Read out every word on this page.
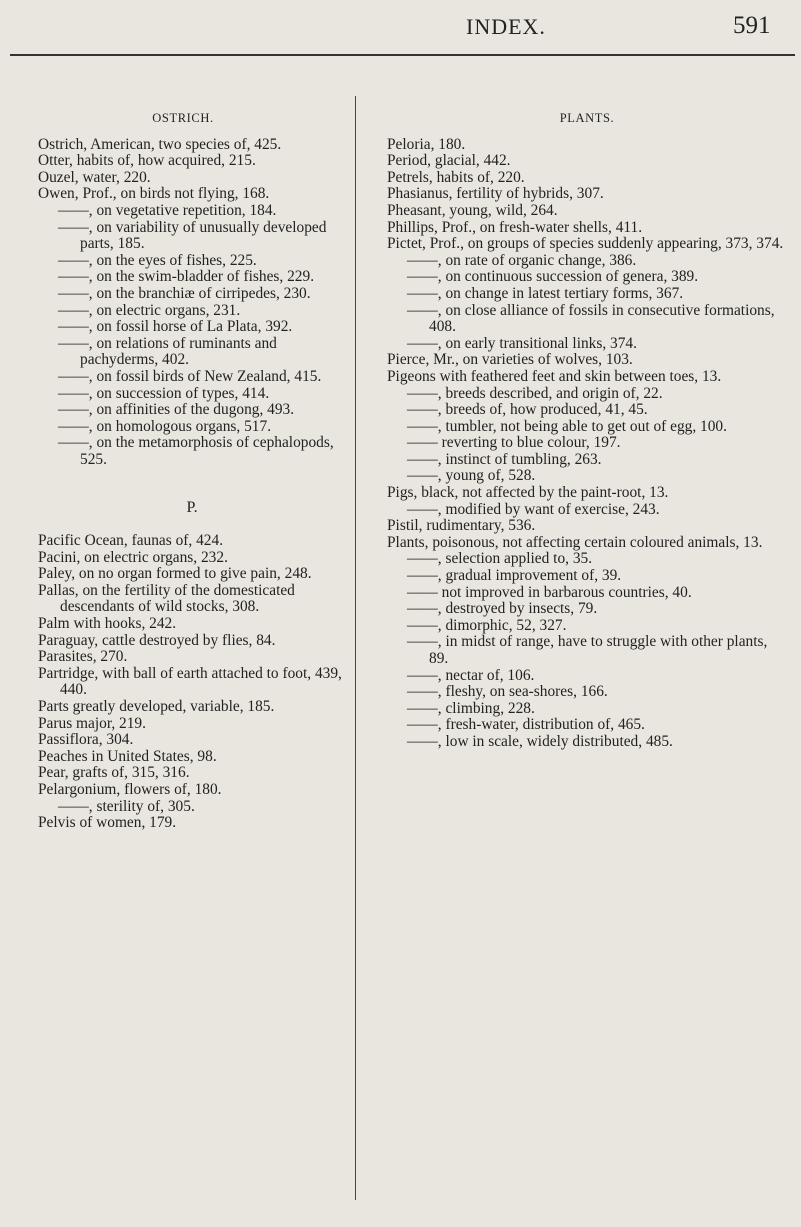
INDEX.	591
OSTRICH.
Ostrich, American, two species of, 425.
Otter, habits of, how acquired, 215.
Ouzel, water, 220.
Owen, Prof., on birds not flying, 168.
——, on vegetative repetition, 184.
——, on variability of unusually developed parts, 185.
——, on the eyes of fishes, 225.
——, on the swim-bladder of fishes, 229.
——, on the branchiæ of cirripedes, 230.
——, on electric organs, 231.
——, on fossil horse of La Plata, 392.
——, on relations of ruminants and pachyderms, 402.
——, on fossil birds of New Zealand, 415.
——, on succession of types, 414.
——, on affinities of the dugong, 493.
——, on homologous organs, 517.
——, on the metamorphosis of cephalopods, 525.
P.
Pacific Ocean, faunas of, 424.
Pacini, on electric organs, 232.
Paley, on no organ formed to give pain, 248.
Pallas, on the fertility of the domesticated descendants of wild stocks, 308.
Palm with hooks, 242.
Paraguay, cattle destroyed by flies, 84.
Parasites, 270.
Partridge, with ball of earth attached to foot, 439, 440.
Parts greatly developed, variable, 185.
Parus major, 219.
Passiflora, 304.
Peaches in United States, 98.
Pear, grafts of, 315, 316.
Pelargonium, flowers of, 180.
——, sterility of, 305.
Pelvis of women, 179.
PLANTS.
Peloria, 180.
Period, glacial, 442.
Petrels, habits of, 220.
Phasianus, fertility of hybrids, 307.
Pheasant, young, wild, 264.
Phillips, Prof., on fresh-water shells, 411.
Pictet, Prof., on groups of species suddenly appearing, 373, 374.
——, on rate of organic change, 386.
——, on continuous succession of genera, 389.
——, on change in latest tertiary forms, 367.
——, on close alliance of fossils in consecutive formations, 408.
——, on early transitional links, 374.
Pierce, Mr., on varieties of wolves, 103.
Pigeons with feathered feet and skin between toes, 13.
——, breeds described, and origin of, 22.
——, breeds of, how produced, 41, 45.
——, tumbler, not being able to get out of egg, 100.
—— reverting to blue colour, 197.
——, instinct of tumbling, 263.
——, young of, 528.
Pigs, black, not affected by the paint-root, 13.
——, modified by want of exercise, 243.
Pistil, rudimentary, 536.
Plants, poisonous, not affecting certain coloured animals, 13.
——, selection applied to, 35.
——, gradual improvement of, 39.
—— not improved in barbarous countries, 40.
——, destroyed by insects, 79.
——, dimorphic, 52, 327.
——, in midst of range, have to struggle with other plants, 89.
——, nectar of, 106.
——, fleshy, on sea-shores, 166.
——, climbing, 228.
——, fresh-water, distribution of, 465.
——, low in scale, widely distributed, 485.
